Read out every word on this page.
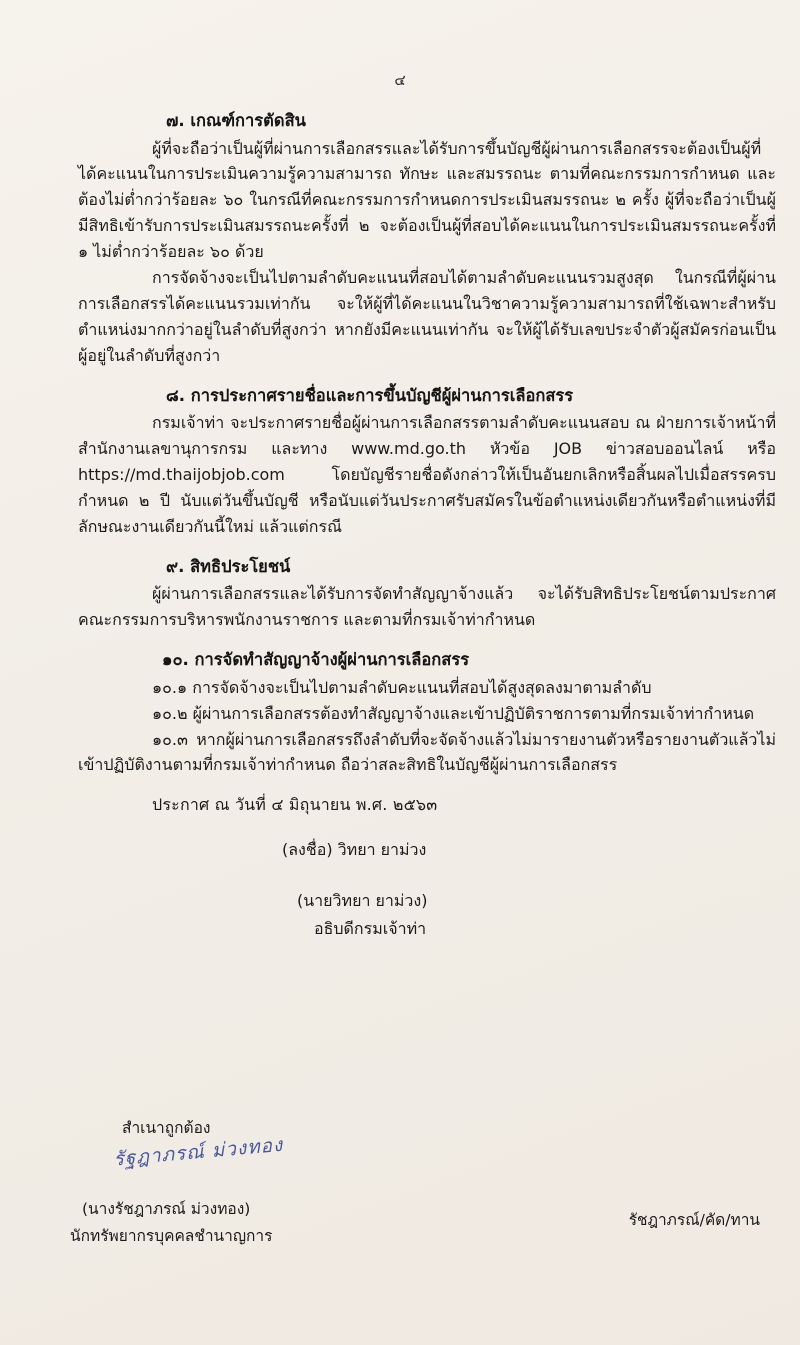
๔
๗. เกณฑ์การตัดสิน

ผู้ที่จะถือว่าเป็นผู้ที่ผ่านการเลือกสรรและได้รับการขึ้นบัญชีผู้ผ่านการเลือกสรรจะต้องเป็นผู้ที่ได้คะแนนในการประเมินความรู้ความสามารถ ทักษะ และสมรรถนะ ตามที่คณะกรรมการกำหนด และต้องไม่ต่ำกว่าร้อยละ ๖๐ ในกรณีที่คณะกรรมการกำหนดการประเมินสมรรถนะ ๒ ครั้ง ผู้ที่จะถือว่าเป็นผู้มีสิทธิเข้ารับการประเมินสมรรถนะครั้งที่ ๒ จะต้องเป็นผู้ที่สอบได้คะแนนในการประเมินสมรรถนะครั้งที่ ๑ ไม่ต่ำกว่าร้อยละ ๖๐ ด้วย

การจัดจ้างจะเป็นไปตามลำดับคะแนนที่สอบได้ตามลำดับคะแนนรวมสูงสุด ในกรณีที่ผู้ผ่านการเลือกสรรได้คะแนนรวมเท่ากัน จะให้ผู้ที่ได้คะแนนในวิชาความรู้ความสามารถที่ใช้เฉพาะสำหรับตำแหน่งมากกว่าอยู่ในลำดับที่สูงกว่า หากยังมีคะแนนเท่ากัน จะให้ผู้ได้รับเลขประจำตัวผู้สมัครก่อนเป็นผู้อยู่ในลำดับที่สูงกว่า

๘. การประกาศรายชื่อและการขึ้นบัญชีผู้ผ่านการเลือกสรร

กรมเจ้าท่า จะประกาศรายชื่อผู้ผ่านการเลือกสรรตามลำดับคะแนนสอบ ณ ฝ่ายการเจ้าหน้าที่สำนักงานเลขานุการกรม และทาง www.md.go.th หัวข้อ JOB ข่าวสอบออนไลน์ หรือ https://md.thaijobjob.com โดยบัญชีรายชื่อดังกล่าวให้เป็นอันยกเลิกหรือสิ้นผลไปเมื่อสรรครบกำหนด ๒ ปี นับแต่วันขึ้นบัญชี หรือนับแต่วันประกาศรับสมัครในข้อตำแหน่งเดียวกันหรือตำแหน่งที่มีลักษณะงานเดียวกันนี้ใหม่ แล้วแต่กรณี

๙. สิทธิประโยชน์

ผู้ผ่านการเลือกสรรและได้รับการจัดทำสัญญาจ้างแล้ว จะได้รับสิทธิประโยชน์ตามประกาศคณะกรรมการบริหารพนักงานราชการ และตามที่กรมเจ้าท่ากำหนด

๑๐. การจัดทำสัญญาจ้างผู้ผ่านการเลือกสรร

๑๐.๑ การจัดจ้างจะเป็นไปตามลำดับคะแนนที่สอบได้สูงสุดลงมาตามลำดับ

๑๐.๒ ผู้ผ่านการเลือกสรรต้องทำสัญญาจ้างและเข้าปฏิบัติราชการตามที่กรมเจ้าท่ากำหนด

๑๐.๓ หากผู้ผ่านการเลือกสรรถึงลำดับที่จะจัดจ้างแล้วไม่มารายงานตัวหรือรายงานตัวแล้วไม่เข้าปฏิบัติงานตามที่กรมเจ้าท่ากำหนด ถือว่าสละสิทธิในบัญชีผู้ผ่านการเลือกสรร

ประกาศ ณ วันที่ ๔ มิถุนายน พ.ศ. ๒๕๖๓
(ลงชื่อ) วิทยา ยาม่วง
(นายวิทยา ยาม่วง)
อธิบดีกรมเจ้าท่า
สำเนาถูกต้อง
รัฐฎาภรณ์ ม่วงทอง
(นางรัชฎาภรณ์ ม่วงทอง)
นักทรัพยากรบุคคลชำนาญการ
รัชฎาภรณ์/คัด/ทาน
